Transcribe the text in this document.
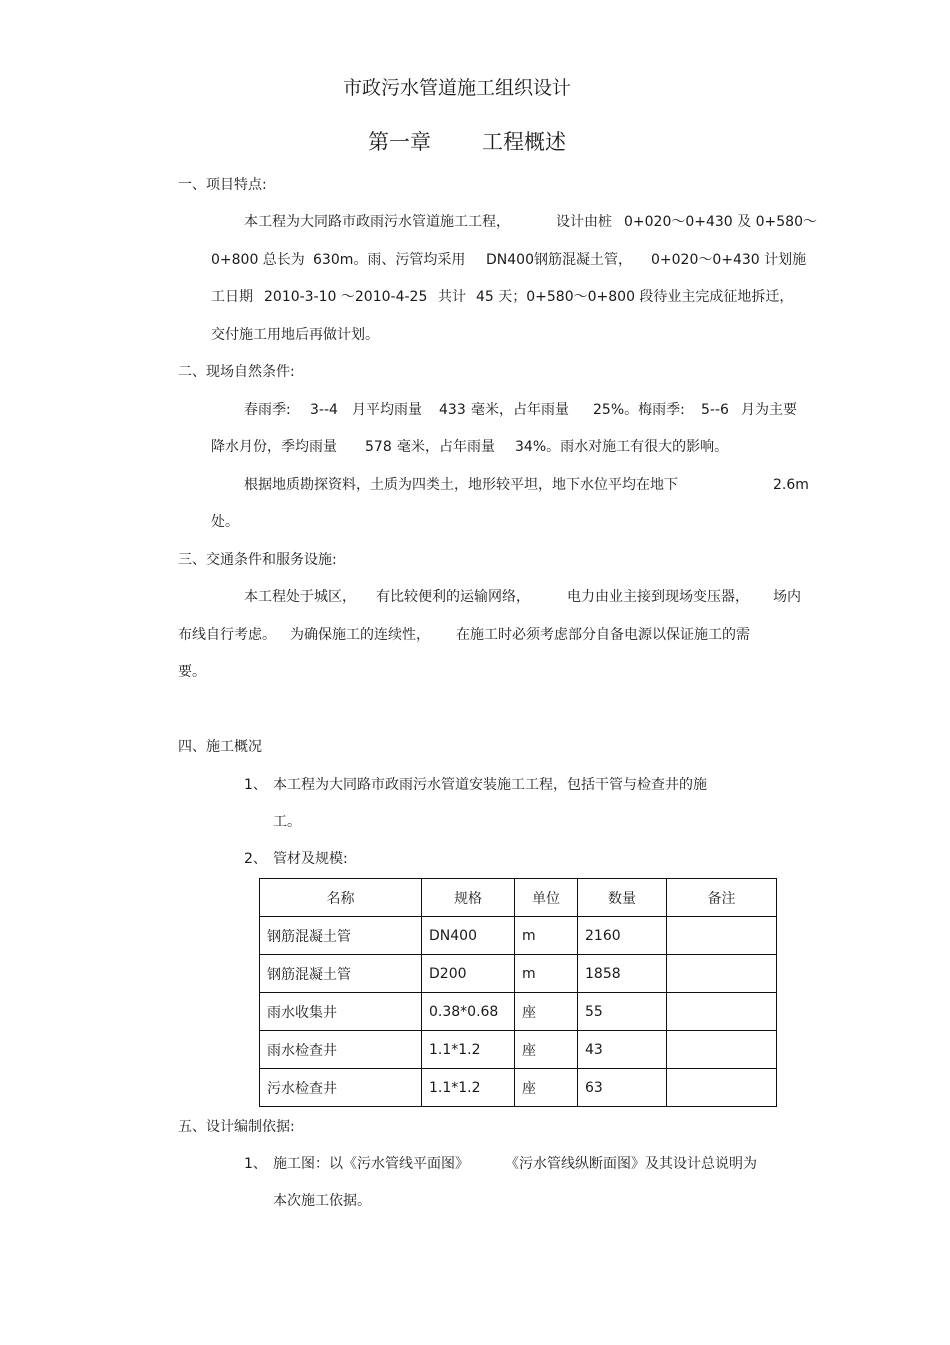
市政污水管道施工组织设计
第一章 工程概述
一、项目特点:
本工程为大同路市政雨污水管道施工工程，	设计由桩 0+020～0+430 及 0+580～
0+800 总长为 630m。雨、污管均采用 DN400钢筋混凝土管， 0+020～0+430 计划施
工日期 2010-3-10 ～2010-4-25 共计 45 天；0+580～0+800 段待业主完成征地拆迁，
交付施工用地后再做计划。
二、现场自然条件:
春雨季: 3--4 月平均雨量 433 毫米，占年雨量 25%。梅雨季: 5--6 月为主要
降水月份，季均雨量 578 毫米，占年雨量 34%。雨水对施工有很大的影响。
根据地质勘探资料，土质为四类土，地形较平坦，地下水位平均在地下	2.6m
处。
三、交通条件和服务设施:
本工程处于城区， 有比较便利的运输网络，	电力由业主接到现场变压器， 场内
布线自行考虑。 为确保施工的连续性， 在施工时必须考虑部分自备电源以保证施工的需
要。
四、施工概况
1、 本工程为大同路市政雨污水管道安装施工工程，包括干管与检查井的施
工。
2、 管材及规模:
名称	规格	单位	数量	备注
钢筋混凝土管	DN400	m	2160	
钢筋混凝土管	D200	m	1858	
雨水收集井	0.38*0.68	座	55	
雨水检查井	1.1*1.2	座	43	
污水检查井	1.1*1.2	座	63	
五、设计编制依据:
1、 施工图：以《污水管线平面图》	《污水管线纵断面图》及其设计总说明为
本次施工依据。
